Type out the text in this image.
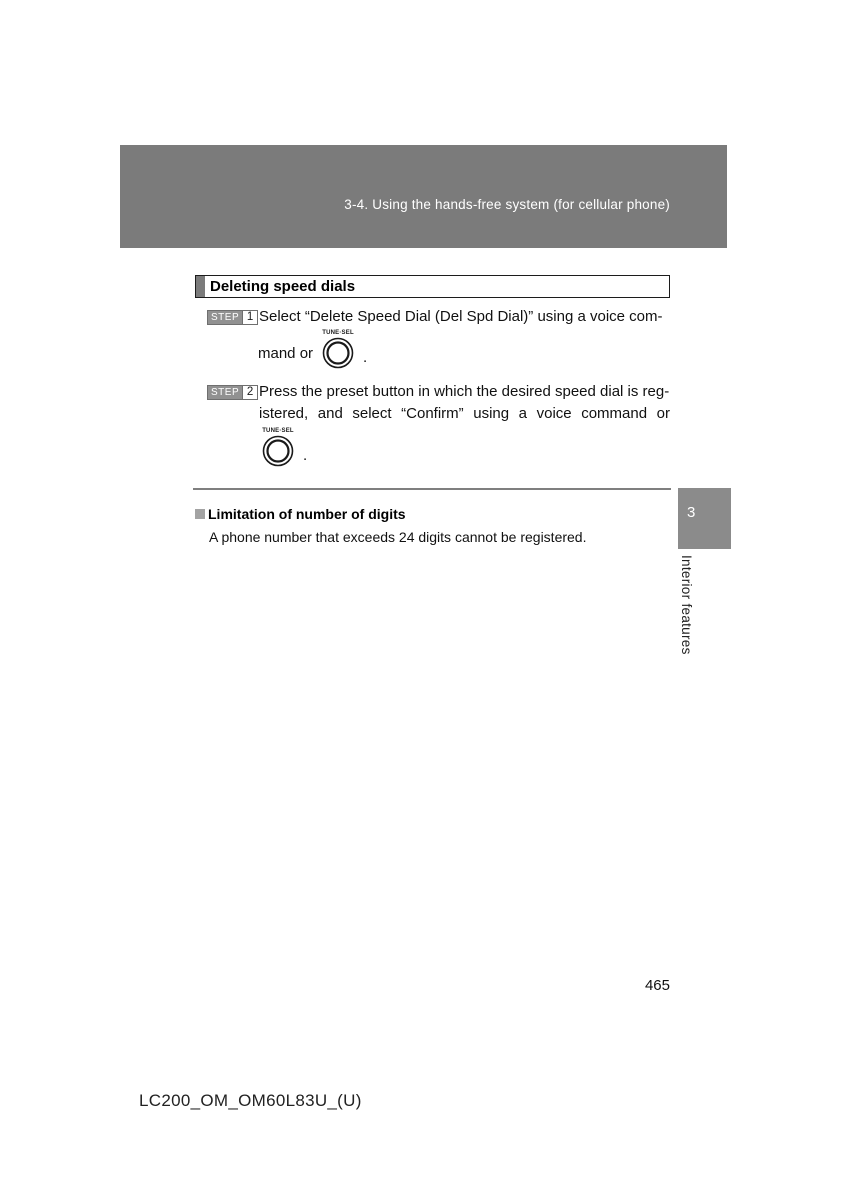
3-4. Using the hands-free system (for cellular phone)
Deleting speed dials
STEP 1 Select “Delete Speed Dial (Del Spd Dial)” using a voice com-
mand or
TUNE·SEL
.
STEP 2 Press the preset button in which the desired speed dial is reg-
istered, and select “Confirm” using a voice command or
TUNE·SEL
.
Limitation of number of digits
A phone number that exceeds 24 digits cannot be registered.
3
Interior features
465
LC200_OM_OM60L83U_(U)
